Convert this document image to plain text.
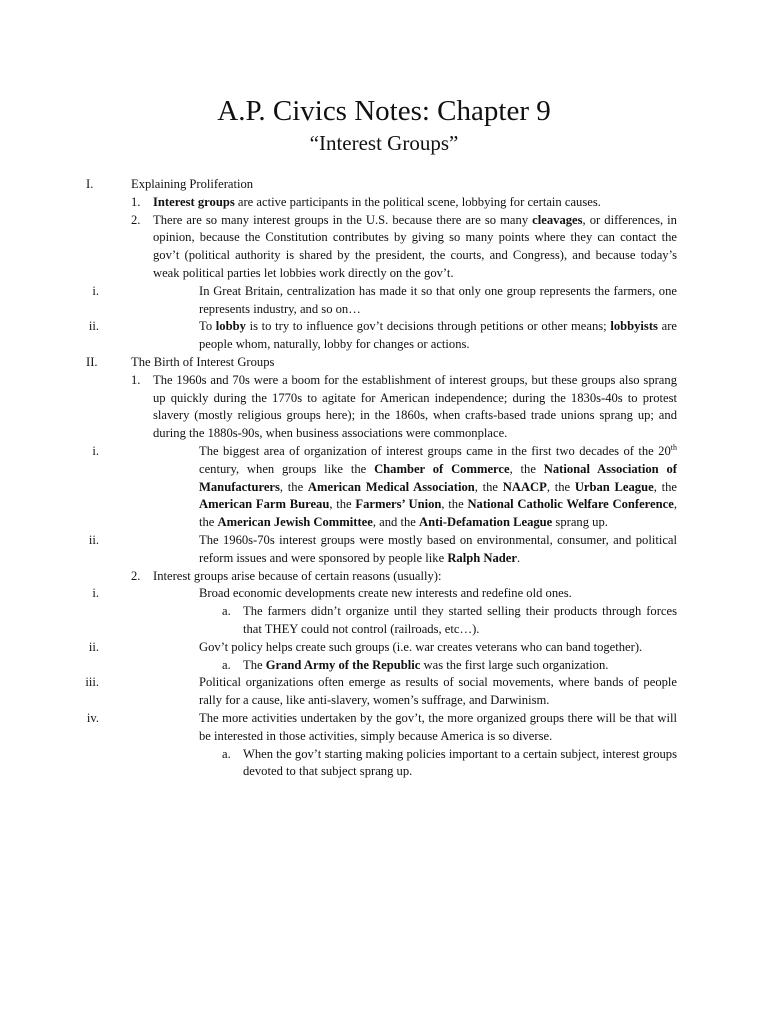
A.P. Civics Notes: Chapter 9
“Interest Groups”
I.	Explaining Proliferation
1. Interest groups are active participants in the political scene, lobbying for certain causes.
2. There are so many interest groups in the U.S. because there are so many cleavages, or differences, in opinion, because the Constitution contributes by giving so many points where they can contact the gov’t (political authority is shared by the president, the courts, and Congress), and because today’s weak political parties let lobbies work directly on the gov’t.
i.	In Great Britain, centralization has made it so that only one group represents the farmers, one represents industry, and so on…
ii.	To lobby is to try to influence gov’t decisions through petitions or other means; lobbyists are people whom, naturally, lobby for changes or actions.
II.	The Birth of Interest Groups
1. The 1960s and 70s were a boom for the establishment of interest groups, but these groups also sprang up quickly during the 1770s to agitate for American independence; during the 1830s-40s to protest slavery (mostly religious groups here); in the 1860s, when crafts-based trade unions sprang up; and during the 1880s-90s, when business associations were commonplace.
i.	The biggest area of organization of interest groups came in the first two decades of the 20th century, when groups like the Chamber of Commerce, the National Association of Manufacturers, the American Medical Association, the NAACP, the Urban League, the American Farm Bureau, the Farmers’ Union, the National Catholic Welfare Conference, the American Jewish Committee, and the Anti-Defamation League sprang up.
ii.	The 1960s-70s interest groups were mostly based on environmental, consumer, and political reform issues and were sponsored by people like Ralph Nader.
2. Interest groups arise because of certain reasons (usually):
i.	Broad economic developments create new interests and redefine old ones.
a. The farmers didn’t organize until they started selling their products through forces that THEY could not control (railroads, etc…).
ii.	Gov’t policy helps create such groups (i.e. war creates veterans who can band together).
a. The Grand Army of the Republic was the first large such organization.
iii.	Political organizations often emerge as results of social movements, where bands of people rally for a cause, like anti-slavery, women’s suffrage, and Darwinism.
iv.	The more activities undertaken by the gov’t, the more organized groups there will be that will be interested in those activities, simply because America is so diverse.
a. When the gov’t starting making policies important to a certain subject, interest groups devoted to that subject sprang up.
